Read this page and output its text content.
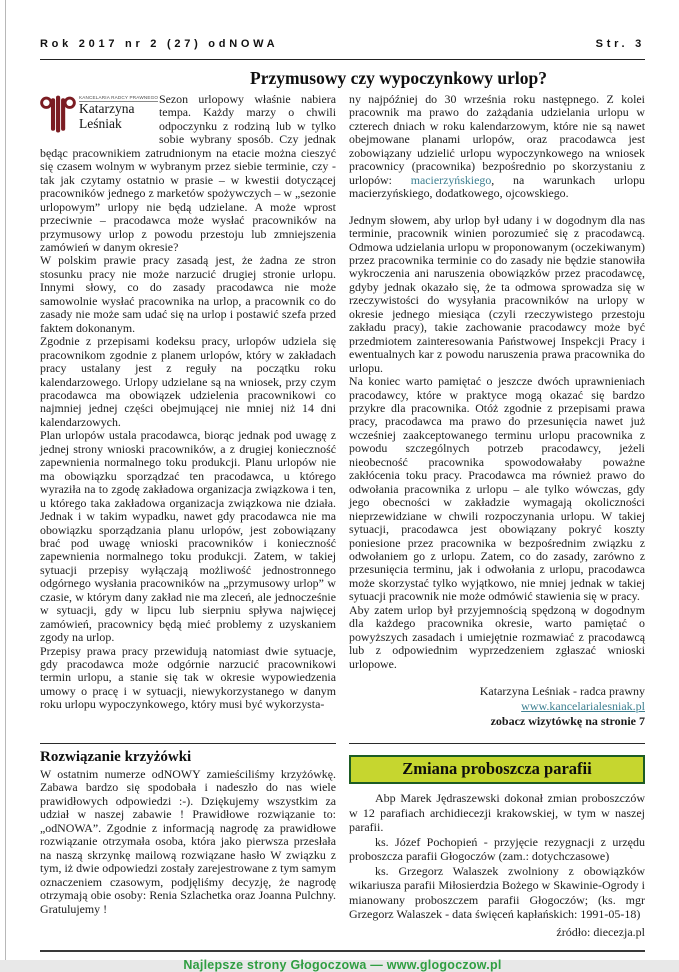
Rok 2017 nr 2 (27) odNOWA	Str. 3
Przymusowy czy wypoczynkowy urlop?
KANCELARIA RADCY PRAWNEGO
Katarzyna
Leśniak

Sezon urlopowy właśnie nabiera tempa. Każdy marzy o chwili odpoczynku z rodziną lub w tylko sobie wybrany sposób. Czy jednak będąc pracownikiem zatrudnionym na etacie można cieszyć się czasem wolnym w wybranym przez siebie terminie, czy - tak jak czytamy ostatnio w prasie – w kwestii dotyczącej pracowników jednego z marketów spożywczych – w „sezonie urlopowym” urlopy nie będą udzielane. A może wprost przeciwnie – pracodawca może wysłać pracowników na przymusowy urlop z powodu przestoju lub zmniejszenia zamówień w danym okresie?

W polskim prawie pracy zasadą jest, że żadna ze stron stosunku pracy nie może narzucić drugiej stronie urlopu. Innymi słowy, co do zasady pracodawca nie może samowolnie wysłać pracownika na urlop, a pracownik co do zasady nie może sam udać się na urlop i postawić szefa przed faktem dokonanym.

Zgodnie z przepisami kodeksu pracy, urlopów udziela się pracownikom zgodnie z planem urlopów, który w zakładach pracy ustalany jest z reguły na początku roku kalendarzowego. Urlopy udzielane są na wniosek, przy czym pracodawca ma obowiązek udzielenia pracownikowi co najmniej jednej części obejmującej nie mniej niż 14 dni kalendarzowych.

Plan urlopów ustala pracodawca, biorąc jednak pod uwagę z jednej strony wnioski pracowników, a z drugiej konieczność zapewnienia normalnego toku produkcji. Planu urlopów nie ma obowiązku sporządzać ten pracodawca, u którego wyraziła na to zgodę zakładowa organizacja związkowa i ten, u którego taka zakładowa organizacja związkowa nie działa. Jednak i w takim wypadku, nawet gdy pracodawca nie ma obowiązku sporządzania planu urlopów, jest zobowiązany brać pod uwagę wnioski pracowników i konieczność zapewnienia normalnego toku produkcji. Zatem, w takiej sytuacji przepisy wyłączają możliwość jednostronnego odgórnego wysłania pracowników na „przymusowy urlop” w czasie, w którym dany zakład nie ma zleceń, ale jednocześnie w sytuacji, gdy w lipcu lub sierpniu spływa najwięcej zamówień, pracownicy będą mieć problemy z uzyskaniem zgody na urlop.

Przepisy prawa pracy przewidują natomiast dwie sytuacje, gdy pracodawca może odgórnie narzucić pracownikowi termin urlopu, a stanie się tak w okresie wypowiedzenia umowy o pracę i w sytuacji, niewykorzystanego w danym roku urlopu wypoczynkowego, który musi być wykorzysta-

ny najpóźniej do 30 września roku następnego. Z kolei pracownik ma prawo do zażądania udzielania urlopu w czterech dniach w roku kalendarzowym, które nie są nawet obejmowane planami urlopów, oraz pracodawca jest zobowiązany udzielić urlopu wypoczynkowego na wniosek pracownicy (pracownika) bezpośrednio po skorzystaniu z urlopów: macierzyńskiego, na warunkach urlopu macierzyńskiego, dodatkowego, ojcowskiego.

Jednym słowem, aby urlop był udany i w dogodnym dla nas terminie, pracownik winien porozumieć się z pracodawcą. Odmowa udzielania urlopu w proponowanym (oczekiwanym) przez pracownika terminie co do zasady nie będzie stanowiła wykroczenia ani naruszenia obowiązków przez pracodawcę, gdyby jednak okazało się, że ta odmowa sprowadza się w rzeczywistości do wysyłania pracowników na urlopy w okresie jednego miesiąca (czyli rzeczywistego przestoju zakładu pracy), takie zachowanie pracodawcy może być przedmiotem zainteresowania Państwowej Inspekcji Pracy i ewentualnych kar z powodu naruszenia prawa pracownika do urlopu.

Na koniec warto pamiętać o jeszcze dwóch uprawnieniach pracodawcy, które w praktyce mogą okazać się bardzo przykre dla pracownika. Otóż zgodnie z przepisami prawa pracy, pracodawca ma prawo do przesunięcia nawet już wcześniej zaakceptowanego terminu urlopu pracownika z powodu szczególnych potrzeb pracodawcy, jeżeli nieobecność pracownika spowodowałaby poważne zakłócenia toku pracy. Pracodawca ma również prawo do odwołania pracownika z urlopu – ale tylko wówczas, gdy jego obecności w zakładzie wymagają okoliczności nieprzewidziane w chwili rozpoczynania urlopu. W takiej sytuacji, pracodawca jest obowiązany pokryć koszty poniesione przez pracownika w bezpośrednim związku z odwołaniem go z urlopu. Zatem, co do zasady, zarówno z przesunięcia terminu, jak i odwołania z urlopu, pracodawca może skorzystać tylko wyjątkowo, nie mniej jednak w takiej sytuacji pracownik nie może odmówić stawienia się w pracy.

Aby zatem urlop był przyjemnością spędzoną w dogodnym dla każdego pracownika okresie, warto pamiętać o powyższych zasadach i umiejętnie rozmawiać z pracodawcą lub z odpowiednim wyprzedzeniem zgłaszać wnioski urlopowe.

Katarzyna Leśniak - radca prawny
www.kancelarialesniak.pl
zobacz wizytówkę na stronie 7
Rozwiązanie krzyżówki

W ostatnim numerze odNOWY zamieściliśmy krzyżówkę. Zabawa bardzo się spodobała i nadeszło do nas wiele prawidłowych odpowiedzi :-). Dziękujemy wszystkim za udział w naszej zabawie ! Prawidłowe rozwiązanie to: „odNOWA”. Zgodnie z informacją nagrodę za prawidłowe rozwiązanie otrzymała osoba, która jako pierwsza przesłała na naszą skrzynkę mailową rozwiązane hasło W związku z tym, iż dwie odpowiedzi zostały zarejestrowane z tym samym oznaczeniem czasowym, podjęliśmy decyzję, że nagrodę otrzymają obie osoby: Renia Szlachetka oraz Joanna Pulchny. Gratulujemy !

Zmiana proboszcza parafii

Abp Marek Jędraszewski dokonał zmian proboszczów w 12 parafiach archidiecezji krakowskiej, w tym w naszej parafii.

ks. Józef Pochopień - przyjęcie rezygnacji z urzędu proboszcza parafii Głogoczów (zam.: dotychczasowe)

ks. Grzegorz Walaszek zwolniony z obowiązków wikariusza parafii Miłosierdzia Bożego w Skawinie-Ogrody i mianowany proboszczem parafii Głogoczów; (ks. mgr Grzegorz Walaszek - data święceń kapłańskich: 1991-05-18)

źródło: diecezja.pl
Najlepsze strony Głogoczowa — www.glogoczow.pl
